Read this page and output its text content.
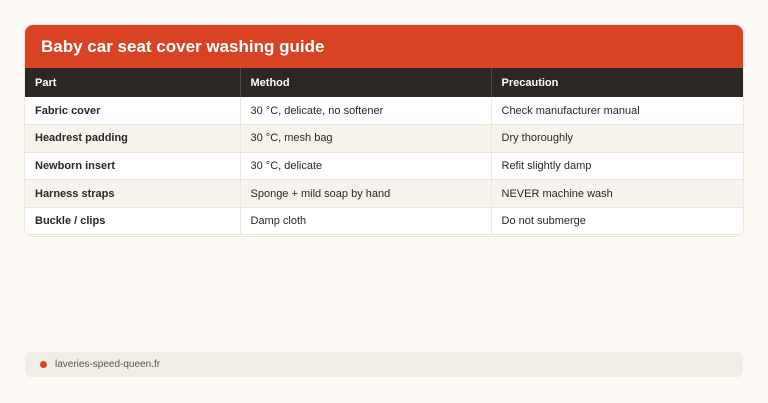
Baby car seat cover washing guide
Part	Method	Precaution
Fabric cover	30 °C, delicate, no softener	Check manufacturer manual
Headrest padding	30 °C, mesh bag	Dry thoroughly
Newborn insert	30 °C, delicate	Refit slightly damp
Harness straps	Sponge + mild soap by hand	NEVER machine wash
Buckle / clips	Damp cloth	Do not submerge
laveries-speed-queen.fr
